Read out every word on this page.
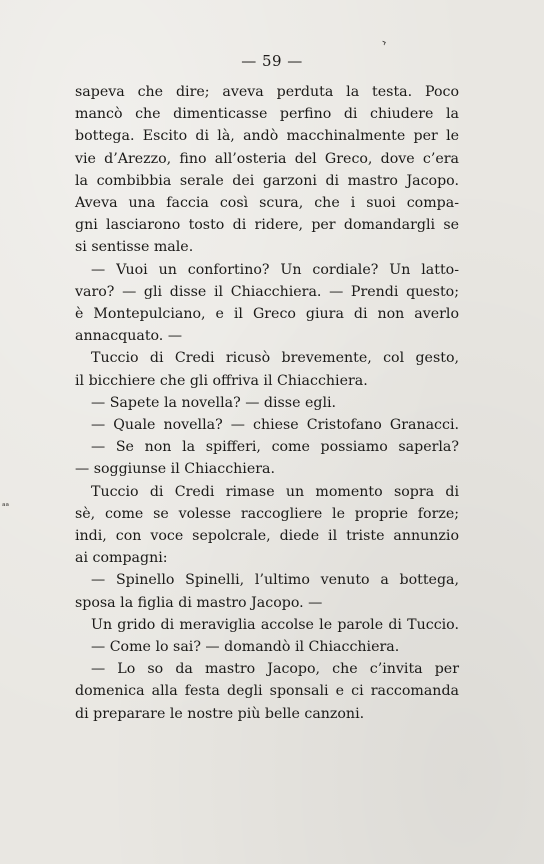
— 59 —
›
ᵃᵃ
sapeva che dire; aveva perduta la testa. Poco
mancò che dimenticasse perfino di chiudere la
bottega. Escito di là, andò macchinalmente per le
vie d’Arezzo, fino all’osteria del Greco, dove c’era
la combibbia serale dei garzoni di mastro Jacopo.
Aveva una faccia così scura, che i suoi compa-
gni lasciarono tosto di ridere, per domandargli se
si sentisse male.
— Vuoi un confortino? Un cordiale? Un latto-
varo? — gli disse il Chiacchiera. — Prendi questo;
è Montepulciano, e il Greco giura di non averlo
annacquato. —
Tuccio di Credi ricusò brevemente, col gesto,
il bicchiere che gli offriva il Chiacchiera.
— Sapete la novella? — disse egli.
— Quale novella? — chiese Cristofano Granacci.
— Se non la spifferi, come possiamo saperla?
— soggiunse il Chiacchiera.
Tuccio di Credi rimase un momento sopra di
sè, come se volesse raccogliere le proprie forze;
indi, con voce sepolcrale, diede il triste annunzio
ai compagni:
— Spinello Spinelli, l’ultimo venuto a bottega,
sposa la figlia di mastro Jacopo. —
Un grido di meraviglia accolse le parole di Tuccio.
— Come lo sai? — domandò il Chiacchiera.
— Lo so da mastro Jacopo, che c’invita per
domenica alla festa degli sponsali e ci raccomanda
di preparare le nostre più belle canzoni.
